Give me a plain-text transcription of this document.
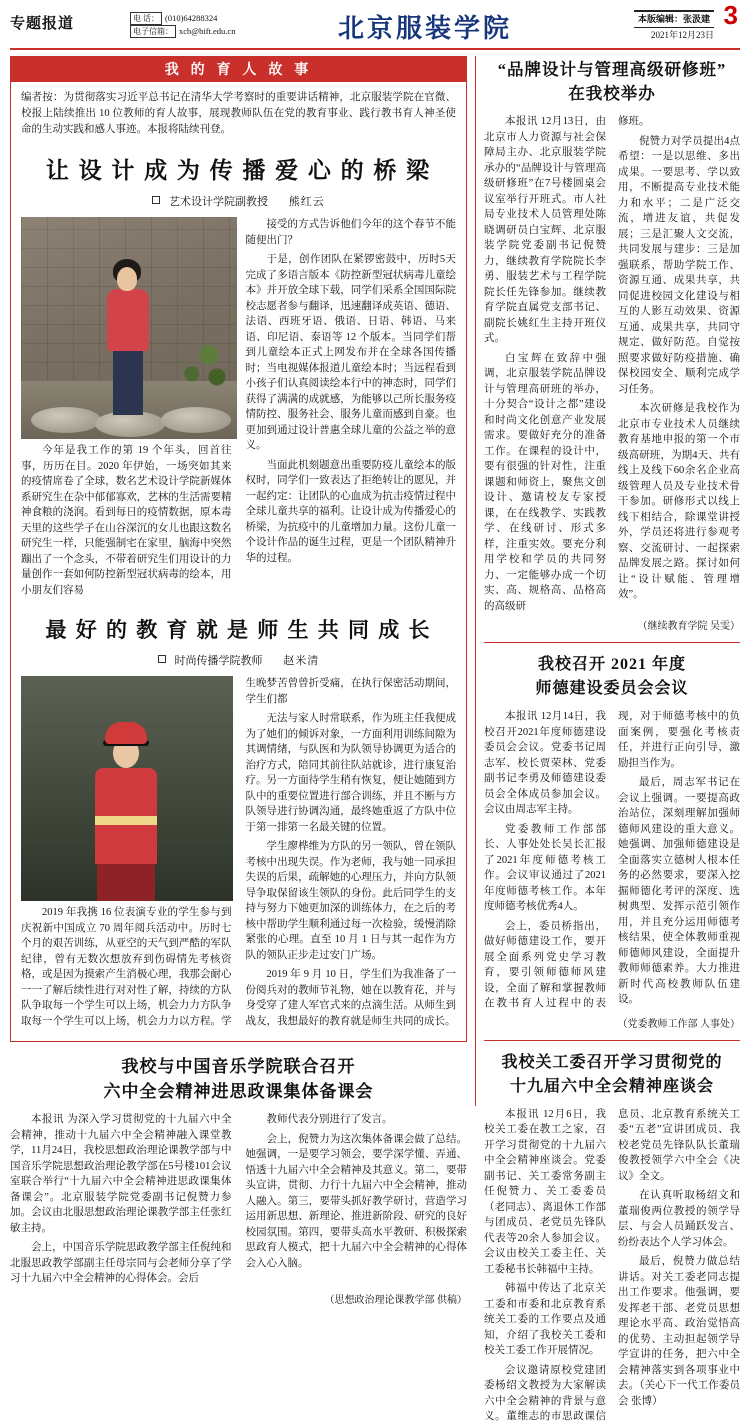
专题报道	电 话： (010)64288324
电子信箱： xcb@bift.edu.cn	北京服装学院	本版编辑：张汲建
2021年12月23日
3
我 的 育 人 故 事
编者按：为贯彻落实习近平总书记在清华大学考察时的重要讲话精神，北京服装学院在官微、校报上陆续推出 10 位教师的育人故事，展现教师队伍在党的教育事业、践行教书育人神圣使命的生动实践和感人事迹。本报将陆续刊登。
让 设 计 成 为 传 播 爱 心 的 桥 梁
艺术设计学院副教授 熊红云

今年是我工作的第 19 个年头，回首往事，历历在目。2020 年伊始，一场突如其来的疫情席卷了全球，数名艺术设计学院新媒体系研究生在杂中郁郁寡欢，艺林的生活需要精神食粮的浇润。看到每日的疫情数据，原本毒天里的这些学子在山谷深沉的女儿也跟这数名研究生一样，只能强制宅在家里，脑海中突然蹦出了一个念头，不带着研究生们用设计的力量创作一套如何防控新型冠状病毒的绘本，用小朋友们容易

接受的方式告诉他们今年的这个春节不能随便出门？

于是，创作团队在紧锣密鼓中，历时5天完成了多语言版本《防控新型冠状病毒儿童绘本》并开放全球下载，同学们采系全国国际院校志愿者参与翻译，迅速翻译成英语、德语、法语、西班牙语、俄语、日语、韩语、马来语、印尼语、泰语等 12 个版本。当同学们帮到儿童绘本正式上网发布并在全球各国传播时；当电视媒体报道儿童绘本时；当远程看到小孩子们认真阅读绘本行中的神态时，同学们获得了满满的成就感，为能够以己所长服务疫情防控、服务社会、服务儿童而感到自豪。也更加到通过设计普惠全球儿童的公益之举的意义。

当面此机刻题意出重要防疫儿童绘本的版权时，同学们一致表达了拒绝转让的愿见，并一起约定：让团队的心血成为抗击疫情过程中全球儿童共享的福利。让设计成为传播爱心的桥梁，为抗疫中的儿童增加力量。这份儿童一个设计作品的诞生过程，更是一个团队精神升华的过程。

最 好 的 教 育 就 是 师 生 共 同 成 长
时尚传播学院教师 赵米清

2019 年我携 16 位表演专业的学生参与到庆祝新中国成立 70 周年阅兵活动中。历时七个月的艰苦训练，从亚空的天气到严酷的军队纪律，曾有无数次想放弃到伤碍情先考核资格，或是因为摸索产生消极心理，我那会耐心一一了解后续性进行对对性了解，持续的方队队争取每一个学生可以上场，机会力力方队争取每一个学生可以上场，机会力力以方程。学生晚梦苦曾曾折受痛，在执行保密活动期间，学生们都

无法与家人时常联系，作为班主任我便成为了她们的倾诉对象，一方面利用训练间隙为其调情绪，与队医和为队领导协调更为适合的治疗方式，陪同其前往队站就诊，进行康复治疗。另一方面待学生稍有恢复，便让她随到方队中的重要位置进行部合训练，并且不断与方队领导进行协调沟通，最终她重返了方队中位于第一排第一名最关键的位置。

学生廖桦维为方队的另一领队，曾在领队考核中出现失误。作为老师，我与她一同承担失误的后果，疏解她的心理压力，并向方队领导争取保留该生领队的身份。此后同学生的支持与努力下她更加深的训练体力，在之后的考核中帮助学生顺利通过每一次检验，缓慢消除紧张的心理。直至 10 月 1 日与其一起作为方队的领队正步走过安门广场。

2019 年 9 月 10 日，学生们为我准备了一份阅兵对的教师节礼物，她在以教育花，并与身受穿了建人军官式来的点滴生活。从师生到战友，我想最好的教育就是师生共同的成长。

我校与中国音乐学院联合召开
六中全会精神进思政课集体备课会

本报讯 为深入学习贯彻党的十九届六中全会精神，推动十九届六中全会精神融入课堂教学，11月24日，我校思想政治理论课教学部与中国音乐学院思想政治理论教学部在5号楼101会议室联合举行“十九届六中全会精神进思政课集体备课会”。北京服装学院党委副书记倪赞力参加。会议由北服思想政治理论课教学部主任张红敏主持。

会上，中国音乐学院思政教学部主任倪纯和北服思政教学部副主任母宗同与会老师分享了学习十九届六中全会精神的心得体会。会后

教师代表分别进行了发言。

会上，倪赞力为这次集体备课会做了总结。她强调，一是要学习领会，要学深学懂、弄通、悟透十九届六中全会精神及其意义。第二，要带头宣讲，贯彻、力行十九届六中全会精神，推动人融入。第三，要带头抓好教学研讨，营造学习运用新思想、新理论、推进新阶段、研究的良好校园氛围。第四，要带头高水平教研、积极探索思政育人模式，把十九届六中全会精神的心得体会入心入脑。

（思想政治理论课教学部 供稿）
“品牌设计与管理高级研修班”
在我校举办

本报讯 12月13日，由北京市人力资源与社会保障局主办、北京服装学院承办的“品牌设计与管理高级研修班”在7号楼圆桌会议室举行开班式。市人社局专业技术人员管理处陈晓调研员白宝辉、北京服装学院党委副书记倪赞力，继续教育学院院长李勇、服装艺术与工程学院院长任先锋参加。继续教育学院直属党支部书记、副院长姚红生主持开班仪式。

白宝辉在致辞中强调，北京服装学院品牌设计与管理高研班的举办，十分契合“设计之都”建设和时尚文化创意产业发展需求。要做好充分的准备工作。在课程的设计中，要有很强的针对性，注重课题和师资上，聚焦文创设计、邀请校友专家授课，在在线教学、实践教学、在线研讨、形式多样，注重实效。要充分利用学校和学员的共同努力、一定能够办成一个切实、高、规格高、品格高的高级研

修班。

倪赞力对学员提出4点希望：一是以思维、多出成果。一要思考、学以致用，不断提高专业技术能力和水平；二是广泛交流，增进友谊，共促发展；三是汇聚人文交流，共同发展与建步：三是加强联系，帮助学院工作、资源互通、成果共享，共同促进校园文化建设与相互的人影互动效果、资源互通、成果共享，共同守规定、做好防范。自觉按照要求做好防疫措施、确保校园安全、顺利完成学习任务。

本次研修是我校作为北京市专业技术人员继续教育基地申报的第一个市级高研班，为期4天、共有线上及线下60余名企业高级管理人员及专业技术骨干参加。研修形式以线上线下相结合，除课堂讲授外，学员还将进行参观考察、交流研讨、一起探索品牌发展之路。探讨如何让“设计赋能、管理增效”。

（继续教育学院 吴雯）
我校召开 2021 年度
师德建设委员会会议

本报讯 12月14日，我校召开2021年度师德建设委员会会议。党委书记周志军、校长贾荣林、党委副书记李勇及师德建设委员会全体成员参加会议。会议由周志军主持。

党委教师工作部部长、人事处处长吴长汇报了2021年度师德考核工作。会议审议通过了2021年度师德考核工作。本年度师德考核优秀4人。

会上，委员桥指出，做好师德建设工作，要开展全面系列党史学习教育，要引领师德师风建设，全面了解和掌握教师在教书育人过程中的表现，对于师德考核中的负面案例，要强化考核责任，并进行正向引导，激励担当作为。

最后，周志军书记在会议上强调。一要提高政治站位，深刻理解加强师德师风建设的重大意义。她强调、加强师德建设是全面落实立德树人根本任务的必然要求，要深入挖掘师德化考评的深度、选树典型、发挥示范引领作用，并且充分运用师德考核结果，使全体教师重视师德师风建设，全面提升教师师德素养。大力推进新时代高校教师队伍建设。

（党委教师工作部 人事处）
我校关工委召开学习贯彻党的
十九届六中全会精神座谈会

本报讯 12月6日，我校关工委在教工之家，召开学习贯彻党的十九届六中全会精神座谈会。党委副书记、关工委常务副主任倪赞力、关工委委员（老同志）、离退休工作部与团成员、老党员先锋队代表等20余人参加会议。会议由校关工委主任、关工委秘书长韩福中主持。

韩福中传达了北京关工委和市委和北京教育系统关工委的工作要点及通知，介绍了我校关工委和校关工委工作开展情况。

会议邀请原校党建团委杨绍文教授为大家解读六中全会精神的背景与意义。董维志的市思政课信息员、北京教育系统关工委“五老”宣讲团成员、我校老党员先锋队队长董瑞俊教授领学六中全会《决议》全文。

在认真听取杨绍文和董瑞俊两位教授的领学导层、与会人员踊跃发言、纷纷表达个人学习体会。

最后，倪赞力做总结讲话。对关工委老同志提出工作要求。他强调，要发挥老干部、老党员思想理论水平高、政治觉悟高的优势、主动担起领学导学宣讲的任务，把六中全会精神落实到各项事业中去。（关心下一代工作委员会 张博）
